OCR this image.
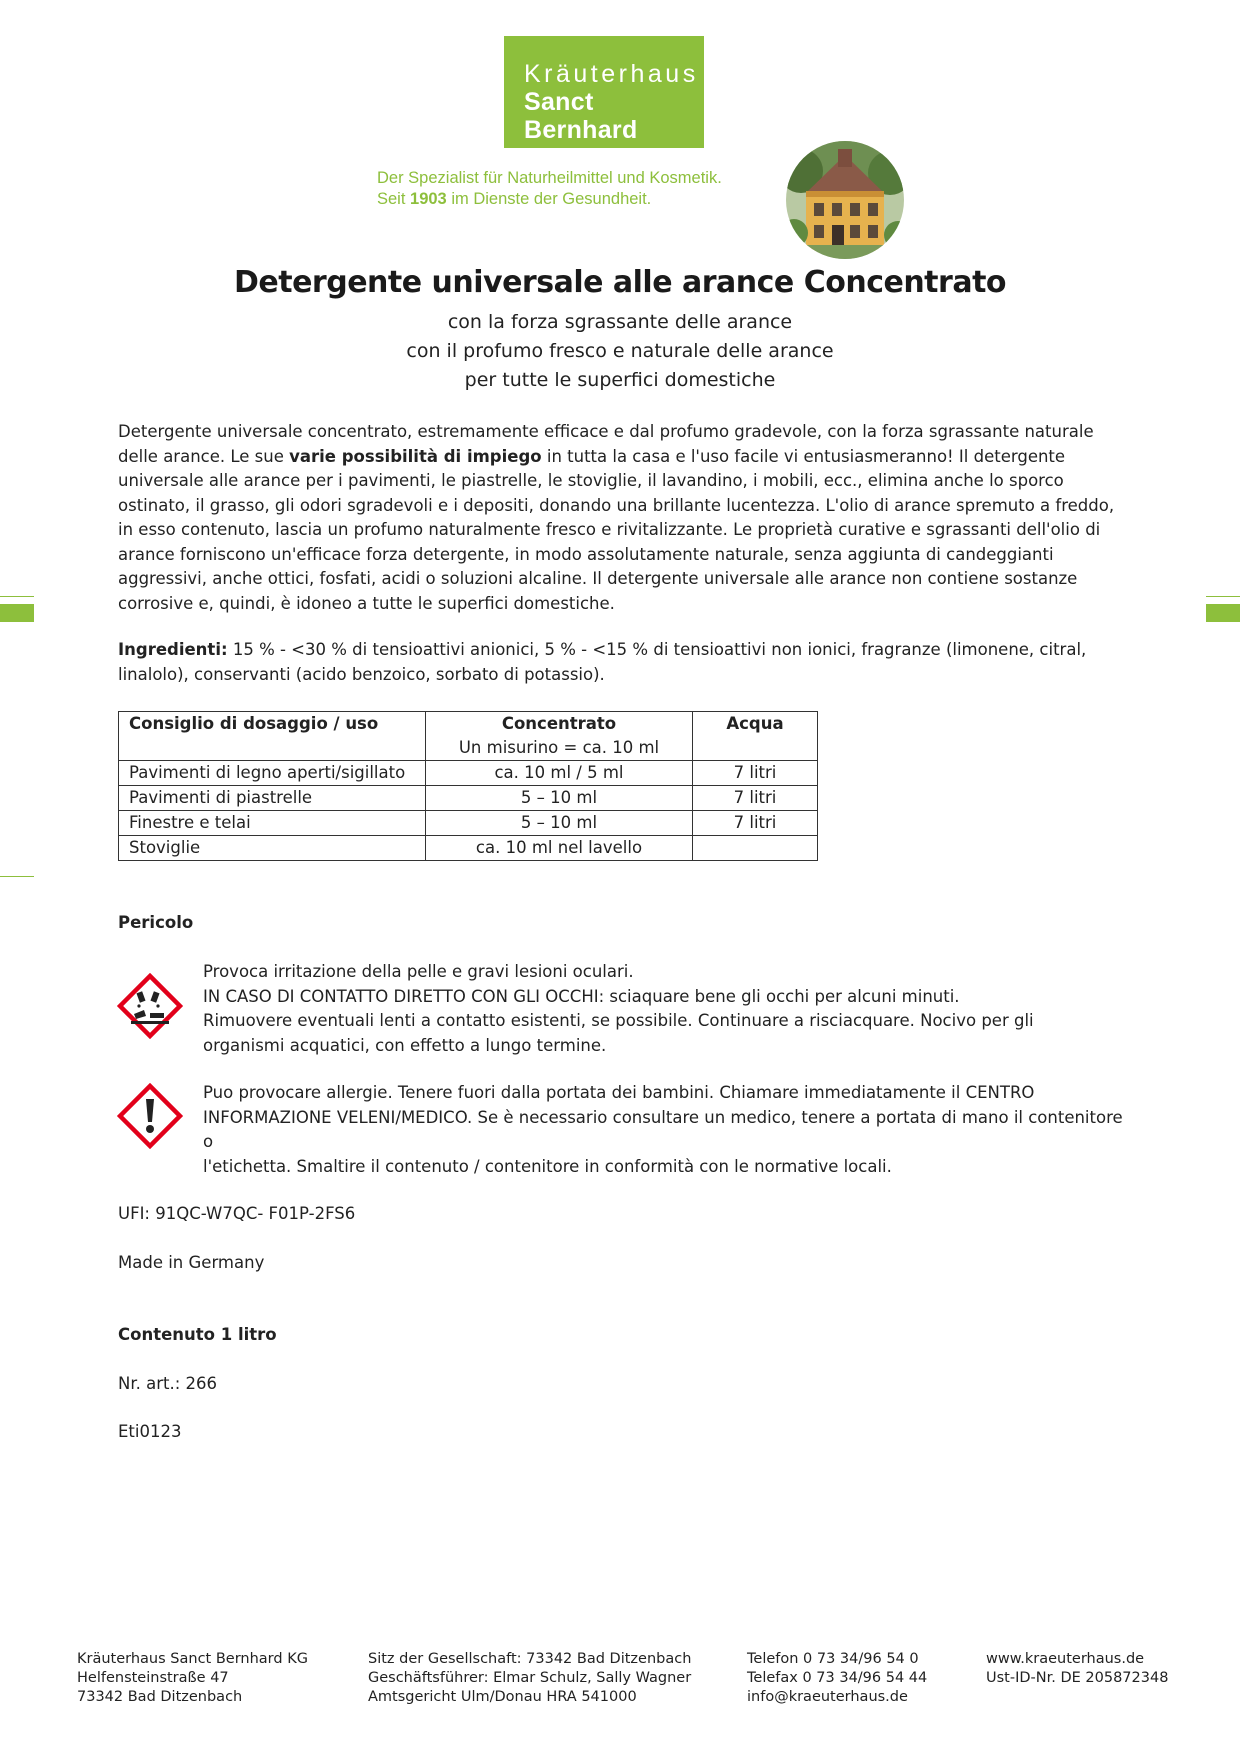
Kräuterhaus
Sanct Bernhard
Der Spezialist für Naturheilmittel und Kosmetik.
Seit 1903 im Dienste der Gesundheit.
Detergente universale alle arance Concentrato
con la forza sgrassante delle arance
con il profumo fresco e naturale delle arance
per tutte le superfici domestiche
Detergente universale concentrato, estremamente efficace e dal profumo gradevole, con la forza sgrassante naturale delle arance. Le sue varie possibilità di impiego in tutta la casa e l'uso facile vi entusiasmeranno! Il detergente universale alle arance per i pavimenti, le piastrelle, le stoviglie, il lavandino, i mobili, ecc., elimina anche lo sporco ostinato, il grasso, gli odori sgradevoli e i depositi, donando una brillante lucentezza. L'olio di arance spremuto a freddo, in esso contenuto, lascia un profumo naturalmente fresco e rivitalizzante. Le proprietà curative e sgrassanti dell'olio di arance forniscono un'efficace forza detergente, in modo assolutamente naturale, senza aggiunta di candeggianti aggressivi, anche ottici, fosfati, acidi o soluzioni alcaline. Il detergente universale alle arance non contiene sostanze corrosive e, quindi, è idoneo a tutte le superfici domestiche.
Ingredienti: 15 % - <30 % di tensioattivi anionici, 5 % - <15 % di tensioattivi non ionici, fragranze (limonene, citral, linalolo), conservanti (acido benzoico, sorbato di potassio).
Consiglio di dosaggio / uso	Concentrato	Acqua
	Un misurino = ca. 10 ml	
Pavimenti di legno aperti/sigillato	ca. 10 ml / 5 ml	7 litri
Pavimenti di piastrelle	5 – 10 ml	7 litri
Finestre e telai	5 – 10 ml	7 litri
Stoviglie	ca. 10 ml nel lavello	
Pericolo
Provoca irritazione della pelle e gravi lesioni oculari.
IN CASO DI CONTATTO DIRETTO CON GLI OCCHI: sciaquare bene gli occhi per alcuni minuti.
Rimuovere eventuali lenti a contatto esistenti, se possibile. Continuare a risciacquare. Nocivo per gli
organismi acquatici, con effetto a lungo termine.
Puo provocare allergie. Tenere fuori dalla portata dei bambini. Chiamare immediatamente il CENTRO
INFORMAZIONE VELENI/MEDICO. Se è necessario consultare un medico, tenere a portata di mano il contenitore o
l'etichetta. Smaltire il contenuto / contenitore in conformità con le normative locali.
UFI: 91QC-W7QC- F01P-2FS6
Made in Germany
Contenuto 1 litro
Nr. art.: 266
Eti0123
Kräuterhaus Sanct Bernhard KG
Helfensteinstraße 47
73342 Bad Ditzenbach
Sitz der Gesellschaft: 73342 Bad Ditzenbach
Geschäftsführer: Elmar Schulz, Sally Wagner
Amtsgericht Ulm/Donau HRA 541000
Telefon 0 73 34/96 54 0
Telefax 0 73 34/96 54 44
info@kraeuterhaus.de
www.kraeuterhaus.de
Ust-ID-Nr. DE 205872348
